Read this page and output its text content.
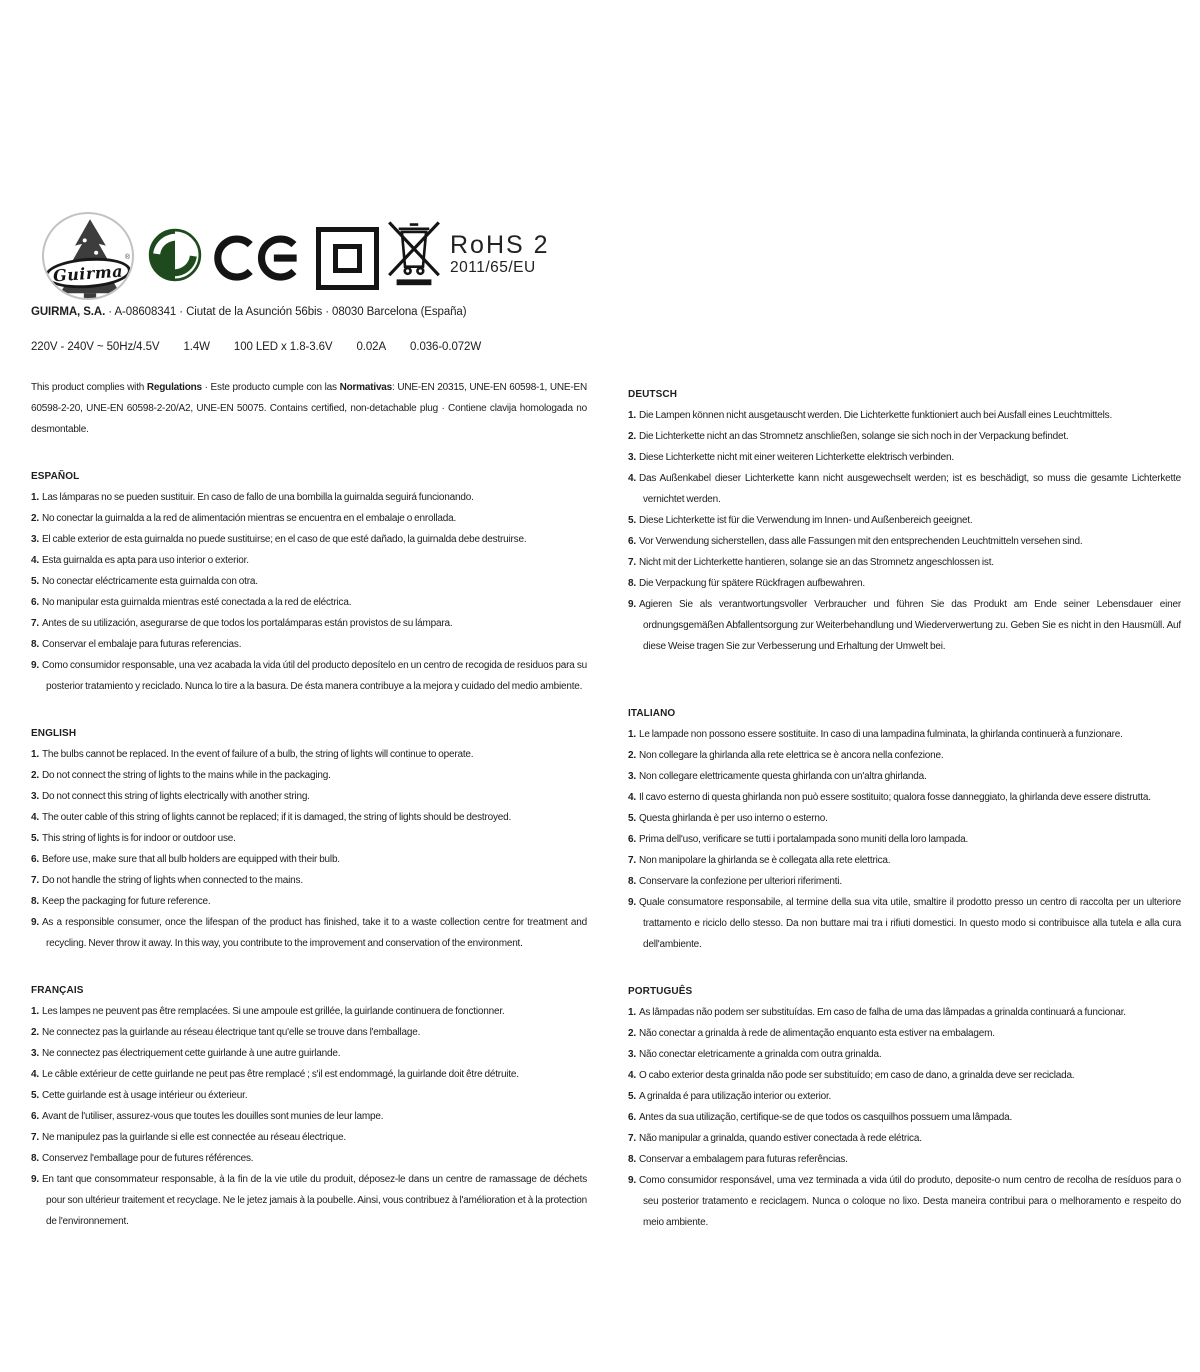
Guirma
®	RoHS 2
2011/65/EU

GUIRMA, S.A. · A-08608341 · Ciutat de la Asunción 56bis · 08030 Barcelona (España)

220V - 240V ~ 50Hz/4.5V 1.4W 100 LED x 1.8-3.6V 0.02A 0.036-0.072W

This product complies with Regulations · Este producto cumple con las Normativas: UNE-EN 20315, UNE-EN 60598-1, UNE-EN 60598-2-20, UNE-EN 60598-2-20/A2, UNE-EN 50075. Contains certified, non-detachable plug · Contiene clavija homologada no desmontable.

ESPAÑOL
1. Las lámparas no se pueden sustituir. En caso de fallo de una bombilla la guirnalda seguirá funcionando.
2. No conectar la guirnalda a la red de alimentación mientras se encuentra en el embalaje o enrollada.
3. El cable exterior de esta guirnalda no puede sustituirse; en el caso de que esté dañado, la guirnalda debe destruirse.
4. Esta guirnalda es apta para uso interior o exterior.
5. No conectar eléctricamente esta guirnalda con otra.
6. No manipular esta guirnalda mientras esté conectada a la red de eléctrica.
7. Antes de su utilización, asegurarse de que todos los portalámparas están provistos de su lámpara.
8. Conservar el embalaje para futuras referencias.
9. Como consumidor responsable, una vez acabada la vida útil del producto deposítelo en un centro de recogida de residuos para su posterior tratamiento y reciclado. Nunca lo tire a la basura. De ésta manera contribuye a la mejora y cuidado del medio ambiente.
ENGLISH
1. The bulbs cannot be replaced. In the event of failure of a bulb, the string of lights will continue to operate.
2. Do not connect the string of lights to the mains while in the packaging.
3. Do not connect this string of lights electrically with another string.
4. The outer cable of this string of lights cannot be replaced; if it is damaged, the string of lights should be destroyed.
5. This string of lights is for indoor or outdoor use.
6. Before use, make sure that all bulb holders are equipped with their bulb.
7. Do not handle the string of lights when connected to the mains.
8. Keep the packaging for future reference.
9. As a responsible consumer, once the lifespan of the product has finished, take it to a waste collection centre for treatment and recycling. Never throw it away. In this way, you contribute to the improvement and conservation of the environment.
FRANÇAIS
1. Les lampes ne peuvent pas être remplacées. Si une ampoule est grillée, la guirlande continuera de fonctionner.
2. Ne connectez pas la guirlande au réseau électrique tant qu'elle se trouve dans l'emballage.
3. Ne connectez pas électriquement cette guirlande à une autre guirlande.
4. Le câble extérieur de cette guirlande ne peut pas être remplacé ; s'il est endommagé, la guirlande doit être détruite.
5. Cette guirlande est à usage intérieur ou éxterieur.
6. Avant de l'utiliser, assurez-vous que toutes les douilles sont munies de leur lampe.
7. Ne manipulez pas la guirlande si elle est connectée au réseau électrique.
8. Conservez l'emballage pour de futures références.
9. En tant que consommateur responsable, à la fin de la vie utile du produit, déposez-le dans un centre de ramassage de déchets pour son ultérieur traitement et recyclage. Ne le jetez jamais à la poubelle. Ainsi, vous contribuez à l'amélioration et à la protection de l'environnement.
DEUTSCH
1. Die Lampen können nicht ausgetauscht werden. Die Lichterkette funktioniert auch bei Ausfall eines Leuchtmittels.
2. Die Lichterkette nicht an das Stromnetz anschließen, solange sie sich noch in der Verpackung befindet.
3. Diese Lichterkette nicht mit einer weiteren Lichterkette elektrisch verbinden.
4. Das Außenkabel dieser Lichterkette kann nicht ausgewechselt werden; ist es beschädigt, so muss die gesamte Lichterkette vernichtet werden.
5. Diese Lichterkette ist für die Verwendung im Innen- und Außenbereich geeignet.
6. Vor Verwendung sicherstellen, dass alle Fassungen mit den entsprechenden Leuchtmitteln versehen sind.
7. Nicht mit der Lichterkette hantieren, solange sie an das Stromnetz angeschlossen ist.
8. Die Verpackung für spätere Rückfragen aufbewahren.
9. Agieren Sie als verantwortungsvoller Verbraucher und führen Sie das Produkt am Ende seiner Lebensdauer einer ordnungsgemäßen Abfallentsorgung zur Weiterbehandlung und Wiederverwertung zu. Geben Sie es nicht in den Hausmüll. Auf diese Weise tragen Sie zur Verbesserung und Erhaltung der Umwelt bei.
ITALIANO
1. Le lampade non possono essere sostituite. In caso di una lampadina fulminata, la ghirlanda continuerà a funzionare.
2. Non collegare la ghirlanda alla rete elettrica se è ancora nella confezione.
3. Non collegare elettricamente questa ghirlanda con un'altra ghirlanda.
4. Il cavo esterno di questa ghirlanda non può essere sostituito; qualora fosse danneggiato, la ghirlanda deve essere distrutta.
5. Questa ghirlanda è per uso interno o esterno.
6. Prima dell'uso, verificare se tutti i portalampada sono muniti della loro lampada.
7. Non manipolare la ghirlanda se è collegata alla rete elettrica.
8. Conservare la confezione per ulteriori riferimenti.
9. Quale consumatore responsabile, al termine della sua vita utile, smaltire il prodotto presso un centro di raccolta per un ulteriore trattamento e riciclo dello stesso. Da non buttare mai tra i rifiuti domestici. In questo modo si contribuisce alla tutela e alla cura dell'ambiente.
PORTUGUÊS
1. As lâmpadas não podem ser substituídas. Em caso de falha de uma das lâmpadas a grinalda continuará a funcionar.
2. Não conectar a grinalda à rede de alimentação enquanto esta estiver na embalagem.
3. Não conectar eletricamente a grinalda com outra grinalda.
4. O cabo exterior desta grinalda não pode ser substituído; em caso de dano, a grinalda deve ser reciclada.
5. A grinalda é para utilização interior ou exterior.
6. Antes da sua utilização, certifique-se de que todos os casquilhos possuem uma lâmpada.
7. Não manipular a grinalda, quando estiver conectada à rede elétrica.
8. Conservar a embalagem para futuras referências.
9. Como consumidor responsável, uma vez terminada a vida útil do produto, deposite-o num centro de recolha de resíduos para o seu posterior tratamento e reciclagem. Nunca o coloque no lixo. Desta maneira contribui para o melhoramento e respeito do meio ambiente.
